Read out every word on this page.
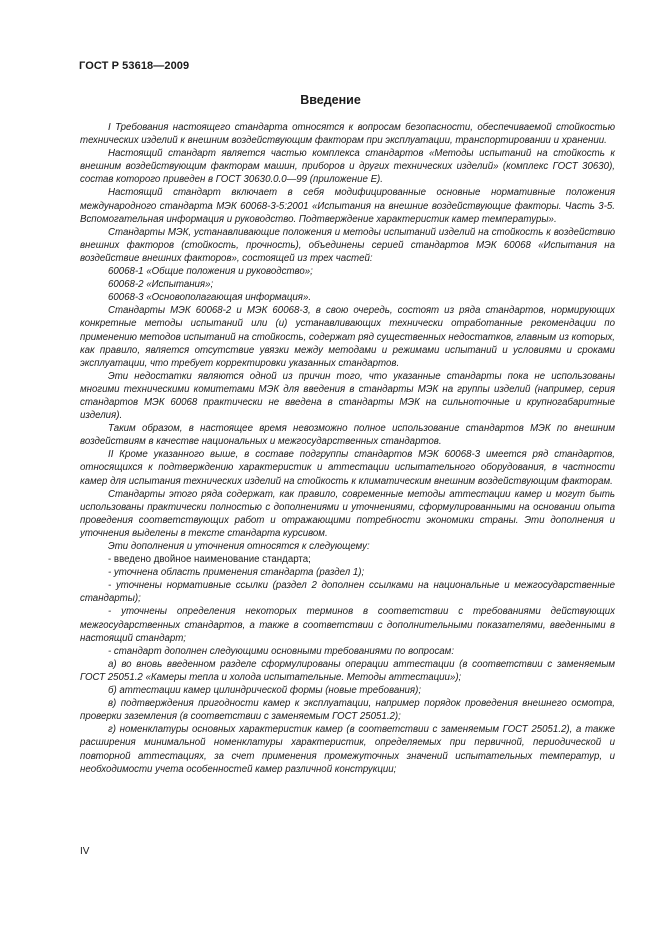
ГОСТ Р 53618—2009
Введение

I Требования настоящего стандарта относятся к вопросам безопасности, обеспечиваемой стойкостью технических изделий к внешним воздействующим факторам при эксплуатации, транспортировании и хранении.

Настоящий стандарт является частью комплекса стандартов «Методы испытаний на стойкость к внешним воздействующим факторам машин, приборов и других технических изделий» (комплекс ГОСТ 30630), состав которого приведен в ГОСТ 30630.0.0—99 (приложение Е).

Настоящий стандарт включает в себя модифицированные основные нормативные положения международного стандарта МЭК 60068-3-5:2001 «Испытания на внешние воздействующие факторы. Часть 3-5. Вспомогательная информация и руководство. Подтверждение характеристик камер температуры».

Стандарты МЭК, устанавливающие положения и методы испытаний изделий на стойкость к воздействию внешних факторов (стойкость, прочность), объединены серией стандартов МЭК 60068 «Испытания на воздействие внешних факторов», состоящей из трех частей:

60068-1 «Общие положения и руководство»;

60068-2 «Испытания»;

60068-3 «Основополагающая информация».

Стандарты МЭК 60068-2 и МЭК 60068-3, в свою очередь, состоят из ряда стандартов, нормирующих конкретные методы испытаний или (и) устанавливающих технически отработанные рекомендации по применению методов испытаний на стойкость, содержат ряд существенных недостатков, главным из которых, как правило, является отсутствие увязки между методами и режимами испытаний и условиями и сроками эксплуатации, что требует корректировки указанных стандартов.

Эти недостатки являются одной из причин того, что указанные стандарты пока не использованы многими техническими комитетами МЭК для введения в стандарты МЭК на группы изделий (например, серия стандартов МЭК 60068 практически не введена в стандарты МЭК на сильноточные и крупногабаритные изделия).

Таким образом, в настоящее время невозможно полное использование стандартов МЭК по внешним воздействиям в качестве национальных и межгосударственных стандартов.

II Кроме указанного выше, в составе подгруппы стандартов МЭК 60068-3 имеется ряд стандартов, относящихся к подтверждению характеристик и аттестации испытательного оборудования, в частности камер для испытания технических изделий на стойкость к климатическим внешним воздействующим факторам.

Стандарты этого ряда содержат, как правило, современные методы аттестации камер и могут быть использованы практически полностью с дополнениями и уточнениями, сформулированными на основании опыта проведения соответствующих работ и отражающими потребности экономики страны. Эти дополнения и уточнения выделены в тексте стандарта курсивом.

Эти дополнения и уточнения относятся к следующему:

- введено двойное наименование стандарта;

- уточнена область применения стандарта (раздел 1);

- уточнены нормативные ссылки (раздел 2 дополнен ссылками на национальные и межгосударственные стандарты);

- уточнены определения некоторых терминов в соответствии с требованиями действующих межгосударственных стандартов, а также в соответствии с дополнительными показателями, введенными в настоящий стандарт;

- стандарт дополнен следующими основными требованиями по вопросам:

а) во вновь введенном разделе сформулированы операции аттестации (в соответствии с заменяемым ГОСТ 25051.2 «Камеры тепла и холода испытательные. Методы аттестации»);

б) аттестации камер цилиндрической формы (новые требования);

в) подтверждения пригодности камер к эксплуатации, например порядок проведения внешнего осмотра, проверки заземления (в соответствии с заменяемым ГОСТ 25051.2);

г) номенклатуры основных характеристик камер (в соответствии с заменяемым ГОСТ 25051.2), а также расширения минимальной номенклатуры характеристик, определяемых при первичной, периодической и повторной аттестациях, за счет применения промежуточных значений испытательных температур, и необходимости учета особенностей камер различной конструкции;

IV
